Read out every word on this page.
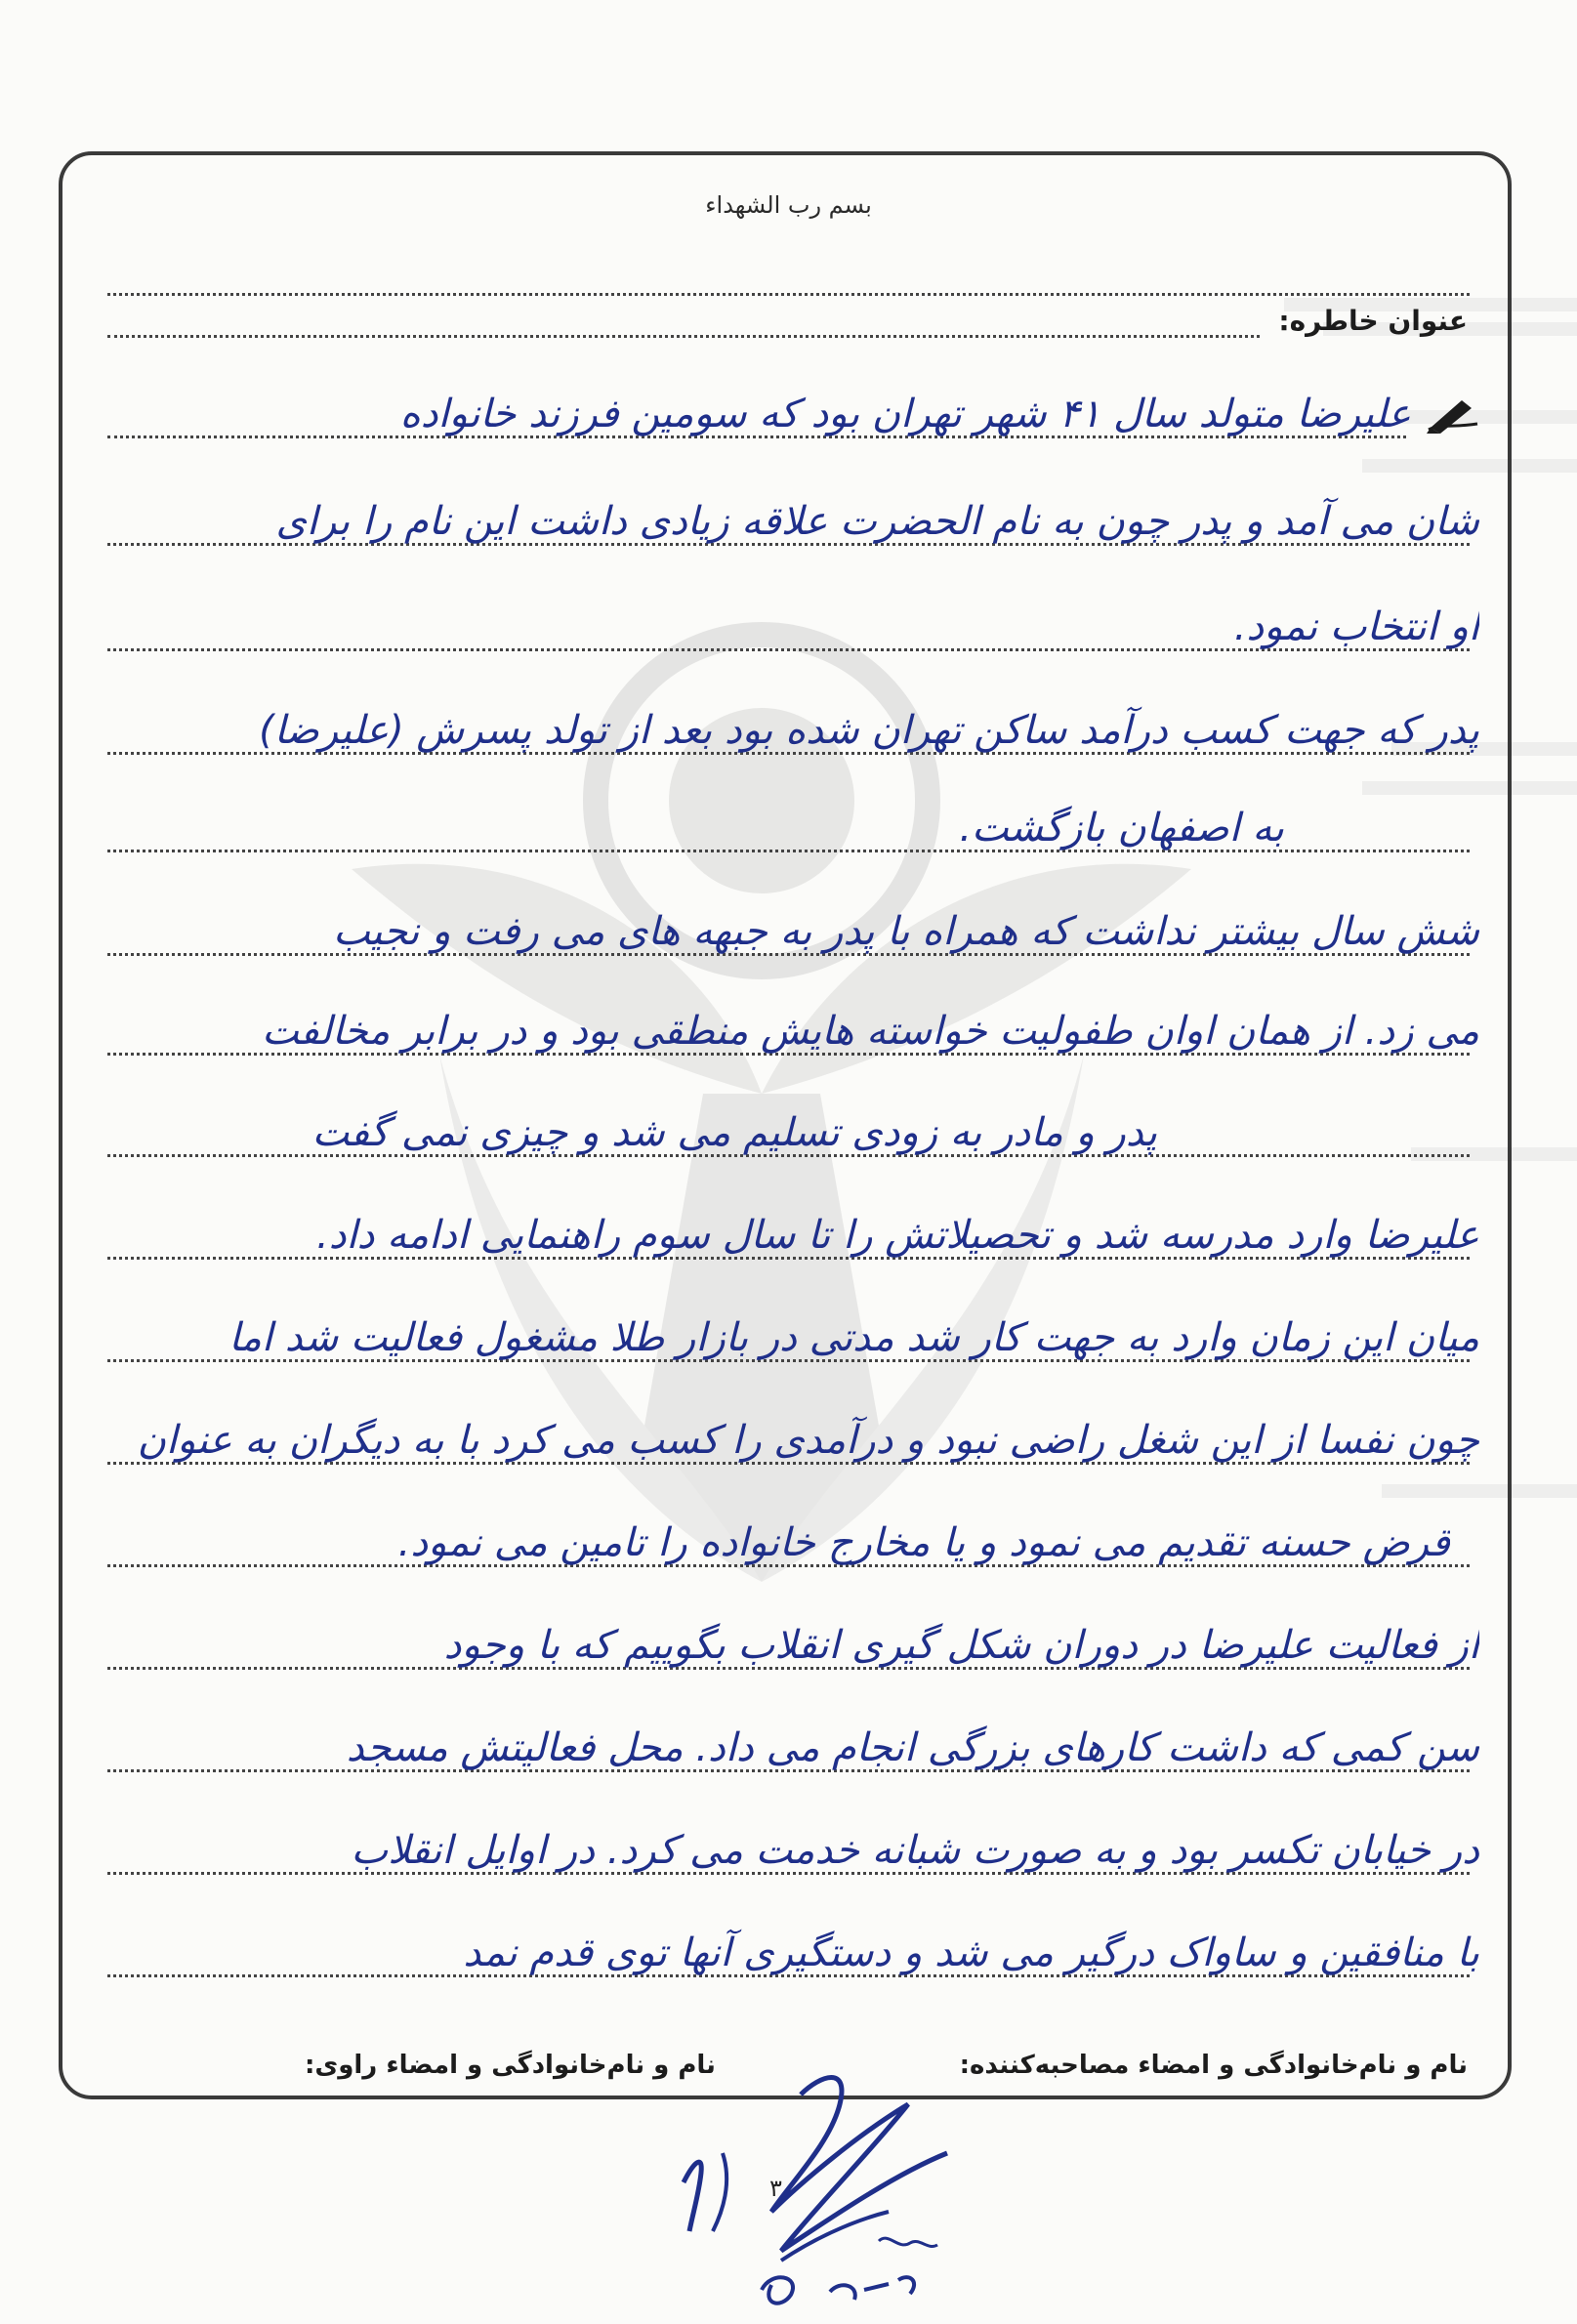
بسم رب الشهداء
عنوان خاطره:
علیرضا متولد سال ۴۱ شهر تهران بود که سومین فرزند خانواده
شان می آمد و پدر چون به نام الحضرت علاقه زیادی داشت این نام را برای
او انتخاب نمود.
پدر که جهت کسب درآمد ساکن تهران شده بود بعد از تولد پسرش (علیرضا)
به اصفهان بازگشت.
شش سال بیشتر نداشت که همراه با پدر به جبهه های می رفت و نجیب
می زد. از همان اوان طفولیت خواسته هایش منطقی بود و در برابر مخالفت
پدر و مادر به زودی تسلیم می شد و چیزی نمی گفت
علیرضا وارد مدرسه شد و تحصیلاتش را تا سال سوم راهنمایی ادامه داد.
میان این زمان وارد به جهت کار شد مدتی در بازار طلا مشغول فعالیت شد اما
چون نفسا از این شغل راضی نبود و درآمدی را کسب می کرد با به دیگران به عنوان
قرض حسنه تقدیم می نمود و یا مخارج خانواده را تامین می نمود.
از فعالیت علیرضا در دوران شکل گیری انقلاب بگوییم که با وجود
سن کمی که داشت کارهای بزرگی انجام می داد. محل فعالیتش مسجد
در خیابان تکسر بود و به صورت شبانه خدمت می کرد. در اوایل انقلاب
با منافقین و ساواک درگیر می شد و دستگیری آنها توی قدم نمد
نام و نام‌خانوادگی و امضاء مصاحبه‌کننده:
نام و نام‌خانوادگی و امضاء راوی:
۳
